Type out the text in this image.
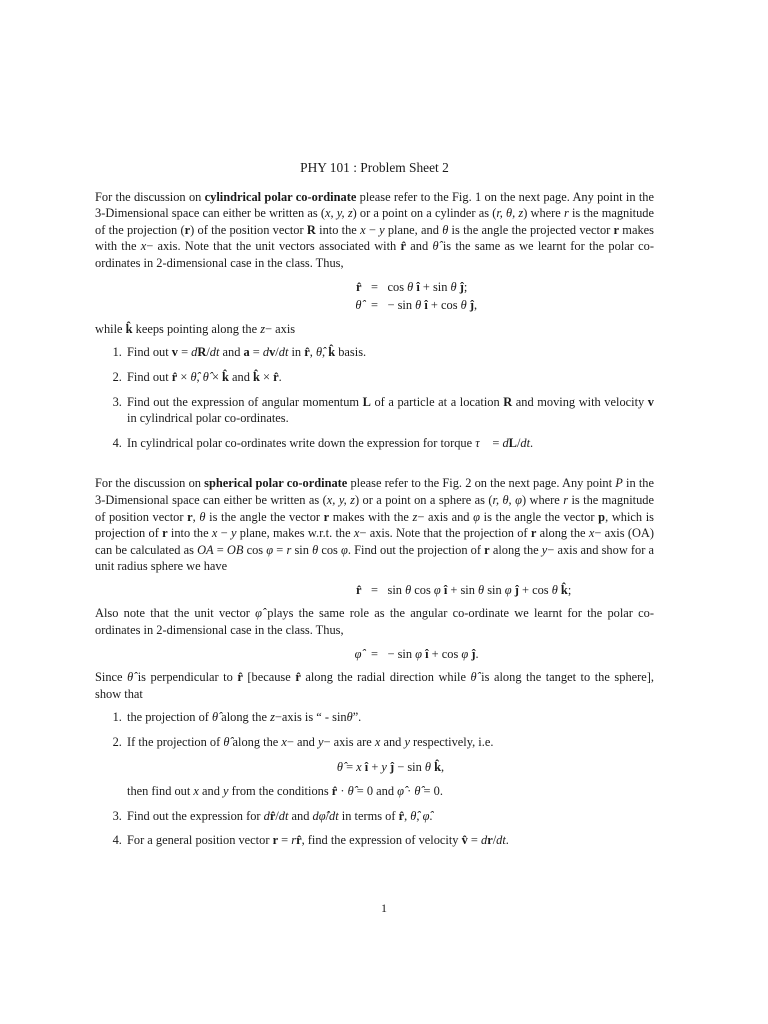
PHY 101 : Problem Sheet 2

For the discussion on cylindrical polar co-ordinate please refer to the Fig. 1 on the next page. Any point in the 3-Dimensional space can either be written as (x, y, z) or a point on a cylinder as (r, θ, z) where r is the magnitude of the projection (r) of the position vector R into the x − y plane, and θ is the angle the projected vector r makes with the x− axis. Note that the unit vectors associated with r̂ and θ̂ is the same as we learnt for the polar co-ordinates in 2-dimensional case in the class. Thus,

r̂ = cos θ î + sin θ ĵ;
θ̂ = − sin θ î + cos θ ĵ,

while k̂ keeps pointing along the z− axis

1. Find out v = dR/dt and a = dv/dt in r̂, θ̂, k̂ basis.
2. Find out r̂ × θ̂, θ̂ × k̂ and k̂ × r̂.
3. Find out the expression of angular momentum L of a particle at a location R and moving with velocity v in cylindrical polar co-ordinates.
4. In cylindrical polar co-ordinates write down the expression for torque τ⃗ = dL/dt.

For the discussion on spherical polar co-ordinate please refer to the Fig. 2 on the next page. Any point P in the 3-Dimensional space can either be written as (x, y, z) or a point on a sphere as (r, θ, φ) where r is the magnitude of position vector r, θ is the angle the vector r makes with the z− axis and φ is the angle the vector p, which is projection of r into the x − y plane, makes w.r.t. the x− axis. Note that the projection of r along the x− axis (OA) can be calculated as OA = OB cos φ = r sin θ cos φ. Find out the projection of r along the y− axis and show for a unit radius sphere we have

r̂ = sin θ cos φ î + sin θ sin φ ĵ + cos θ k̂;

Also note that the unit vector φ̂ plays the same role as the angular co-ordinate we learnt for the polar co-ordinates in 2-dimensional case in the class. Thus,

φ̂ = − sin φ î + cos φ ĵ.

Since θ̂ is perpendicular to r̂ [because r̂ along the radial direction while θ̂ is along the tanget to the sphere], show that

1. the projection of θ̂ along the z−axis is “ - sinθ”.
2. If the projection of θ̂ along the x− and y− axis are x and y respectively, i.e.
θ̂ = x î + y ĵ − sin θ k̂,
then find out x and y from the conditions r̂ · θ̂ = 0 and φ̂ · θ̂ = 0.
3. Find out the expression for dr̂/dt and dφ̂/dt in terms of r̂, θ̂, φ̂.
4. For a general position vector r = rr̂, find the expression of velocity v̂ = dr/dt.
1
